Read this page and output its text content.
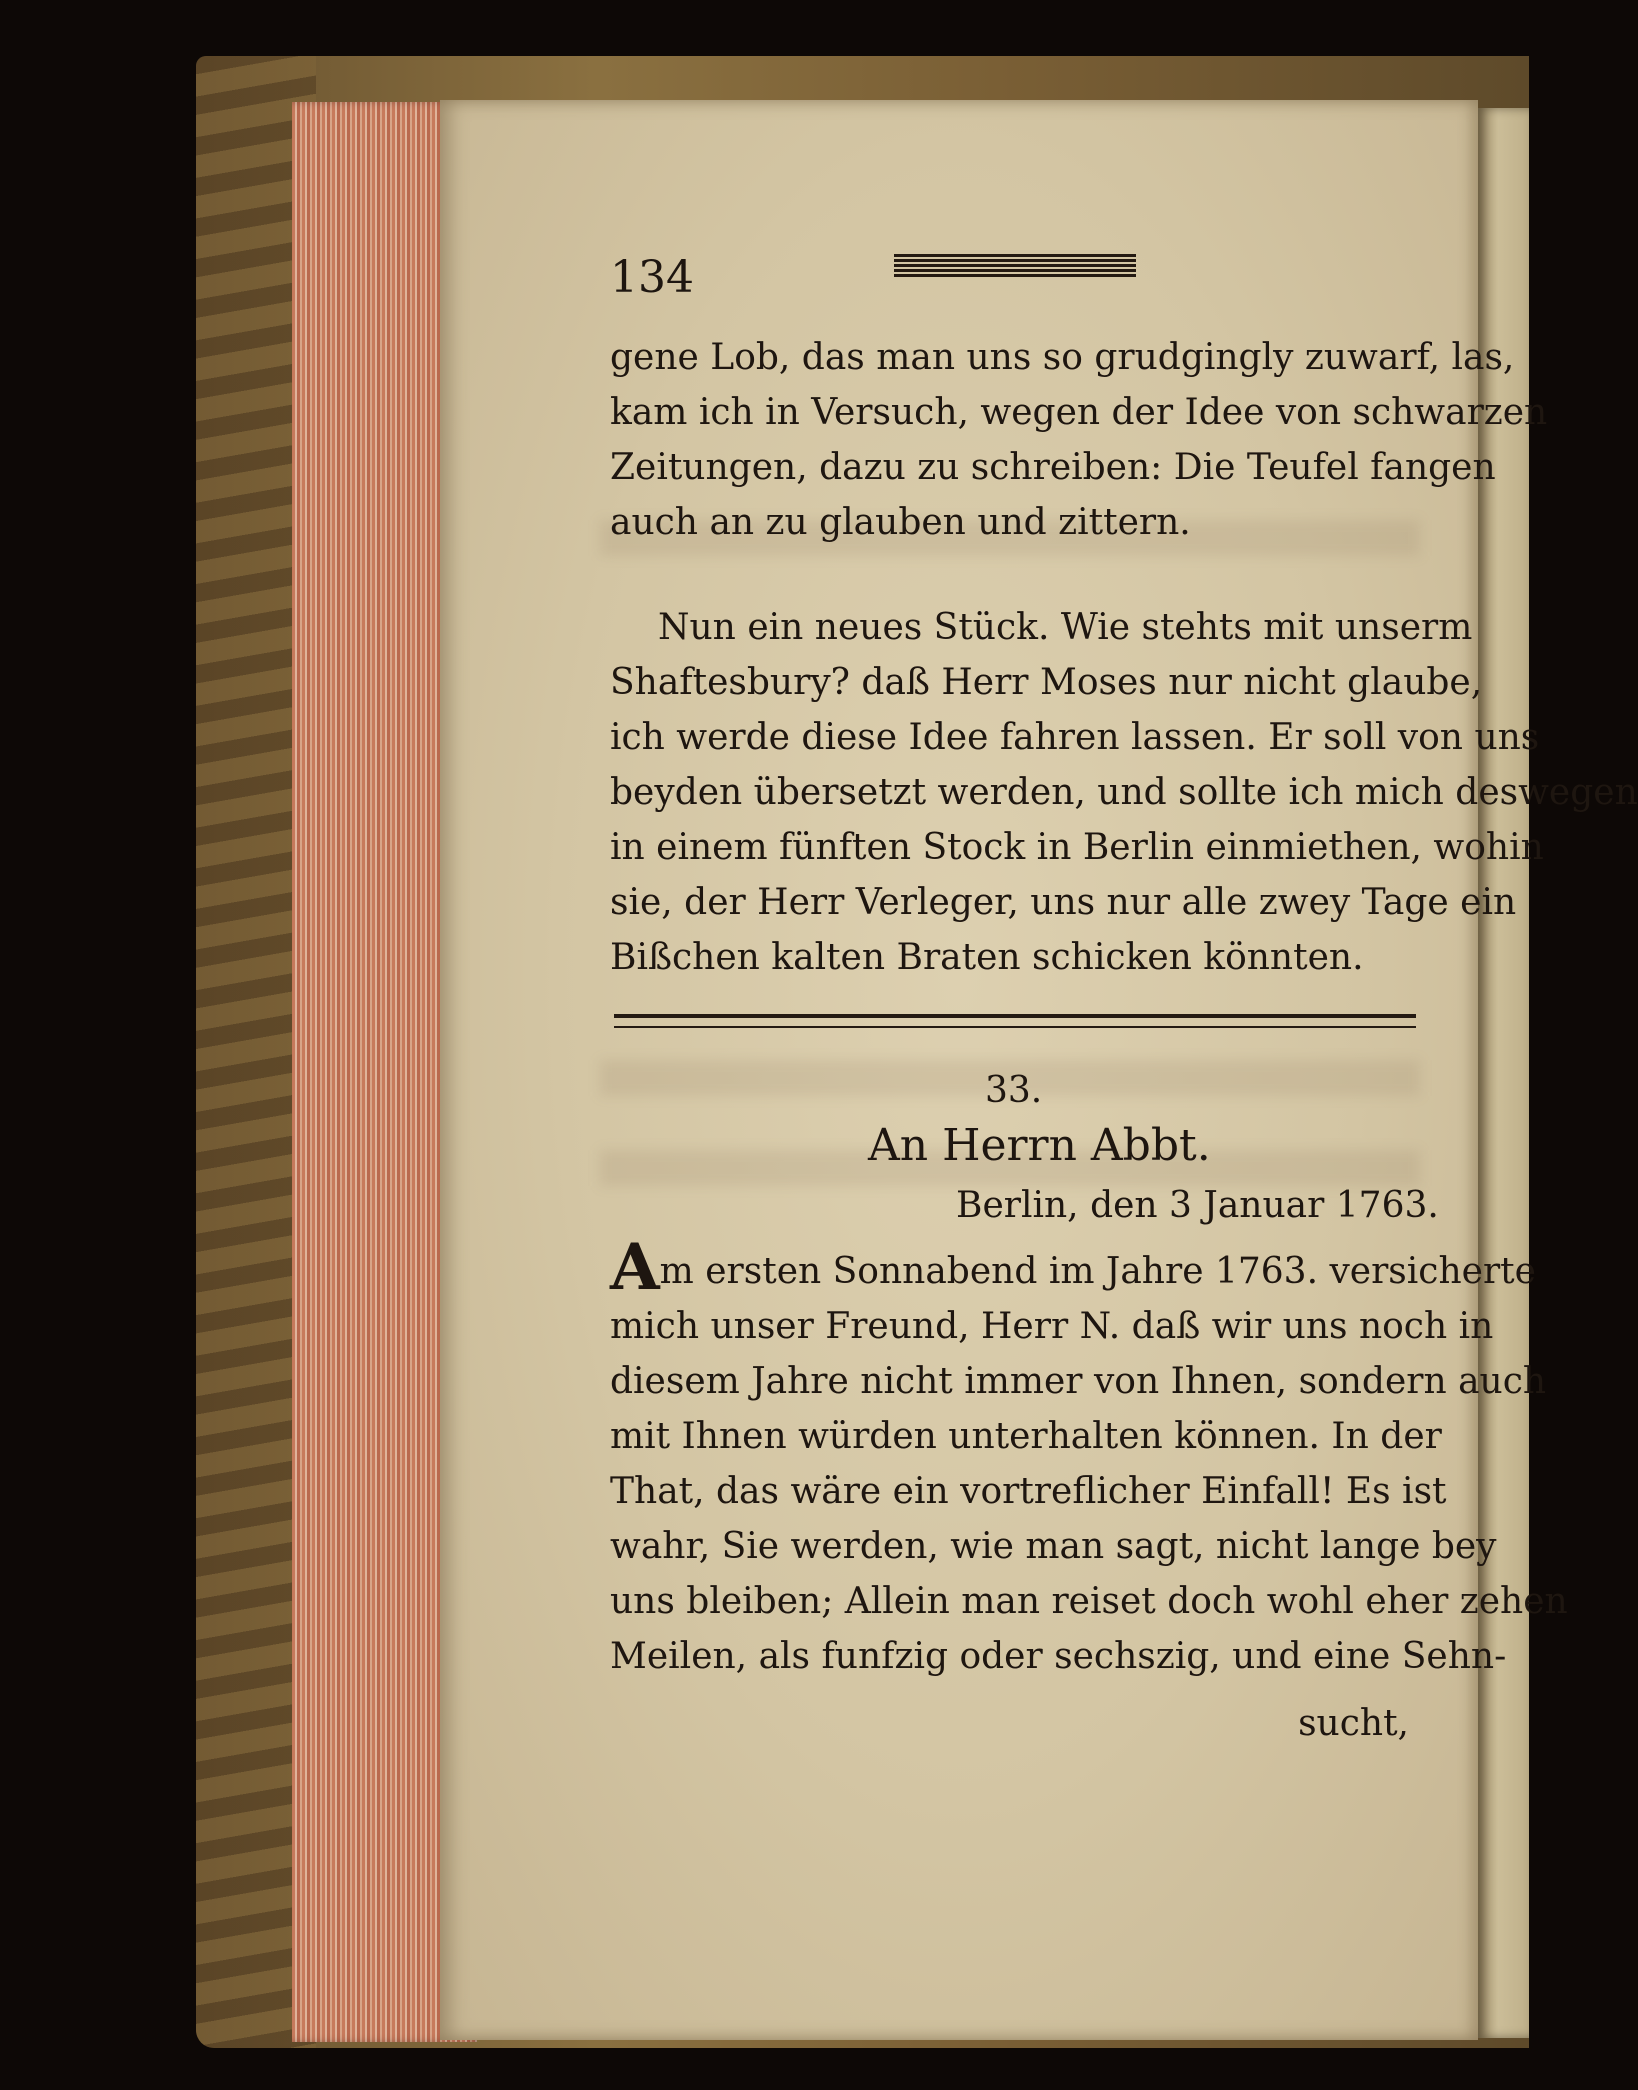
134
gene Lob, das man uns so grudgingly zuwarf, las,
kam ich in Versuch, wegen der Idee von schwarzen
Zeitungen, dazu zu schreiben: Die Teufel fangen
auch an zu glauben und zittern.
Nun ein neues Stück. Wie stehts mit unserm
Shaftesbury? daß Herr Moses nur nicht glaube,
ich werde diese Idee fahren lassen. Er soll von uns
beyden übersetzt werden, und sollte ich mich deswegen
in einem fünften Stock in Berlin einmiethen, wohin
sie, der Herr Verleger, uns nur alle zwey Tage ein
Bißchen kalten Braten schicken könnten.
33.
An Herrn Abbt.
Berlin, den 3 Januar 1763.
Am ersten Sonnabend im Jahre 1763. versicherte
mich unser Freund, Herr N. daß wir uns noch in
diesem Jahre nicht immer von Ihnen, sondern auch
mit Ihnen würden unterhalten können. In der
That, das wäre ein vortreflicher Einfall! Es ist
wahr, Sie werden, wie man sagt, nicht lange bey
uns bleiben; Allein man reiset doch wohl eher zehen
Meilen, als funfzig oder sechszig, und eine Sehn-
sucht,
